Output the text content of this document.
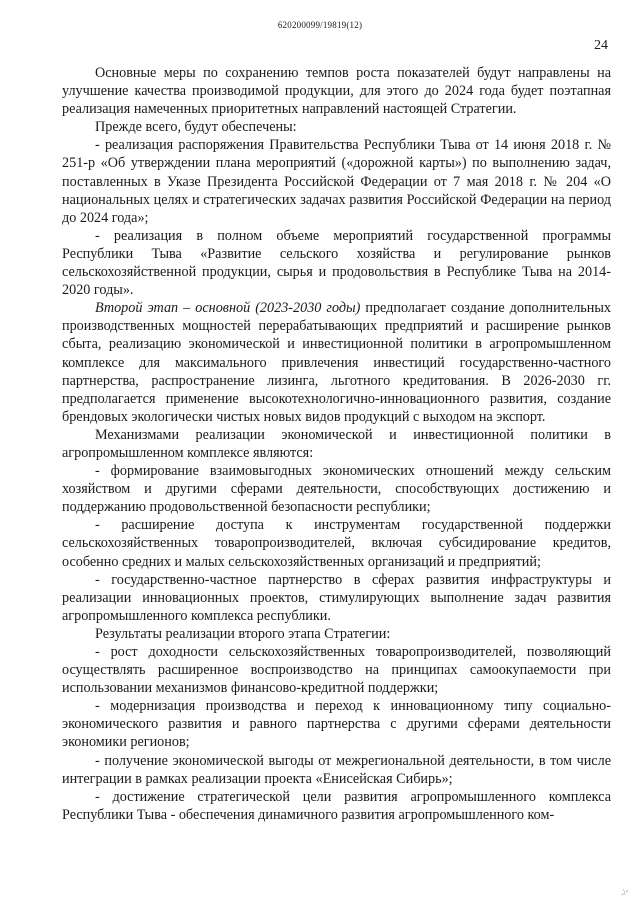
620200099/19819(12)
24

Основные меры по сохранению темпов роста показателей будут направлены на улучшение качества производимой продукции, для этого до 2024 года будет поэтапная реализация намеченных приоритетных направлений настоящей Стратегии.

Прежде всего, будут обеспечены:

- реализация распоряжения Правительства Республики Тыва от 14 июня 2018 г. № 251-р «Об утверждении плана мероприятий («дорожной карты») по выполнению задач, поставленных в Указе Президента Российской Федерации от 7 мая 2018 г. № 204 «О национальных целях и стратегических задачах развития Российской Федерации на период до 2024 года»;

- реализация в полном объеме мероприятий государственной программы Республики Тыва «Развитие сельского хозяйства и регулирование рынков сельскохозяйственной продукции, сырья и продовольствия в Республике Тыва на 2014-2020 годы».

Второй этап – основной (2023-2030 годы) предполагает создание дополнительных производственных мощностей перерабатывающих предприятий и расширение рынков сбыта, реализацию экономической и инвестиционной политики в агропромышленном комплексе для максимального привлечения инвестиций государственно-частного партнерства, распространение лизинга, льготного кредитования. В 2026-2030 гг. предполагается применение высокотехнологично-инновационного развития, создание брендовых экологически чистых новых видов продукций с выходом на экспорт.

Механизмами реализации экономической и инвестиционной политики в агропромышленном комплексе являются:

- формирование взаимовыгодных экономических отношений между сельским хозяйством и другими сферами деятельности, способствующих достижению и поддержанию продовольственной безопасности республики;

- расширение доступа к инструментам государственной поддержки сельскохозяйственных товаропроизводителей, включая субсидирование кредитов, особенно средних и малых сельскохозяйственных организаций и предприятий;

- государственно-частное партнерство в сферах развития инфраструктуры и реализации инновационных проектов, стимулирующих выполнение задач развития агропромышленного комплекса республики.

Результаты реализации второго этапа Стратегии:

- рост доходности сельскохозяйственных товаропроизводителей, позволяющий осуществлять расширенное воспроизводство на принципах самоокупаемости при использовании механизмов финансово-кредитной поддержки;

- модернизация производства и переход к инновационному типу социально-экономического развития и равного партнерства с другими сферами деятельности экономики регионов;

- получение экономической выгоды от межрегиональной деятельности, в том числе интеграции в рамках реализации проекта «Енисейская Сибирь»;

- достижение стратегической цели развития агропромышленного комплекса Республики Тыва - обеспечения динамичного развития агропромышленного ком-

-/-
